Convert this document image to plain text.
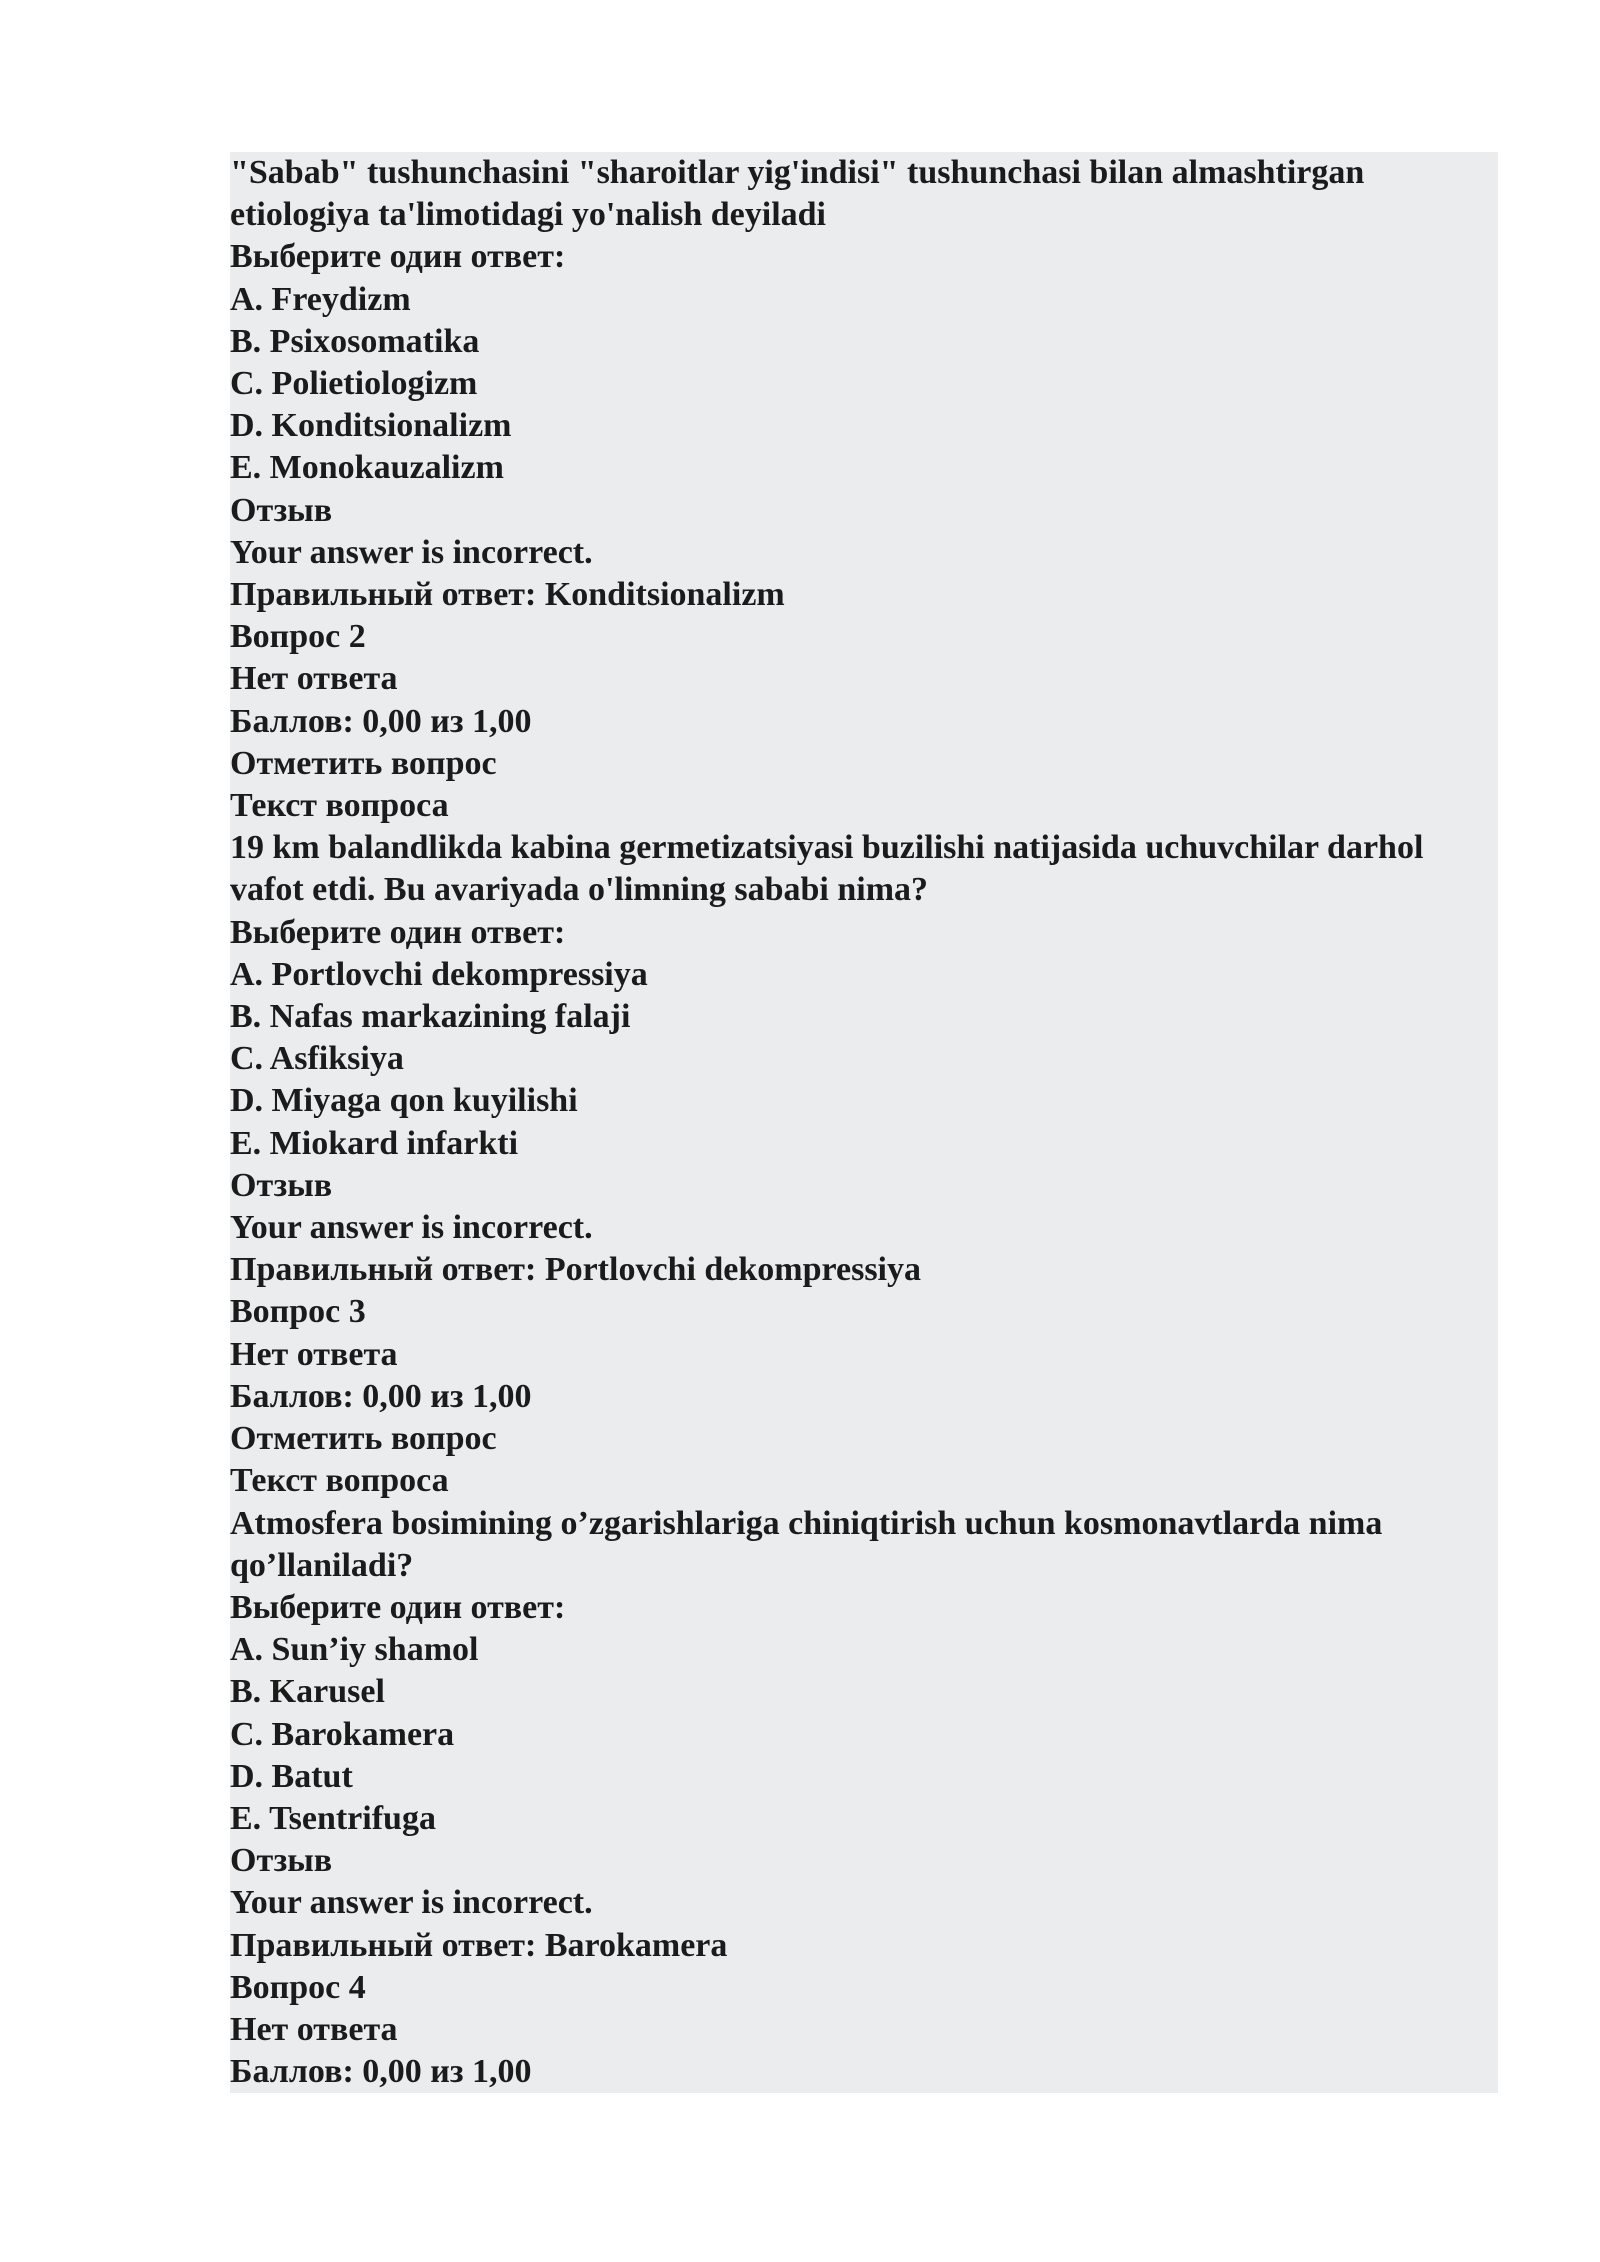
"Sabab" tushunchasini "sharoitlar yig'indisi" tushunchasi bilan almashtirgan etiologiya ta'limotidagi yo'nalish deyiladi
Выберите один ответ:
A. Freydizm
B. Psixosomatika
C. Polietiologizm
D. Konditsionalizm
E. Monokauzalizm
Отзыв
Your answer is incorrect.
Правильный ответ: Konditsionalizm
Вопрос 2
Нет ответа
Баллов: 0,00 из 1,00
Отметить вопрос
Текст вопроса
19 km balandlikda kabina germetizatsiyasi buzilishi natijasida uchuvchilar darhol vafot etdi. Bu avariyada o'limning sababi nima?
Выберите один ответ:
A. Portlovchi dekompressiya
B. Nafas markazining falaji
C. Asfiksiya
D. Miyaga qon kuyilishi
E. Miokard infarkti
Отзыв
Your answer is incorrect.
Правильный ответ: Portlovchi dekompressiya
Вопрос 3
Нет ответа
Баллов: 0,00 из 1,00
Отметить вопрос
Текст вопроса
Atmosfera bosimining o’zgarishlariga chiniqtirish uchun kosmonavtlarda nima qo’llaniladi?
Выберите один ответ:
A. Sun’iy shamol
B. Karusel
C. Barokamera
D. Batut
E. Tsentrifuga
Отзыв
Your answer is incorrect.
Правильный ответ: Barokamera
Вопрос 4
Нет ответа
Баллов: 0,00 из 1,00
